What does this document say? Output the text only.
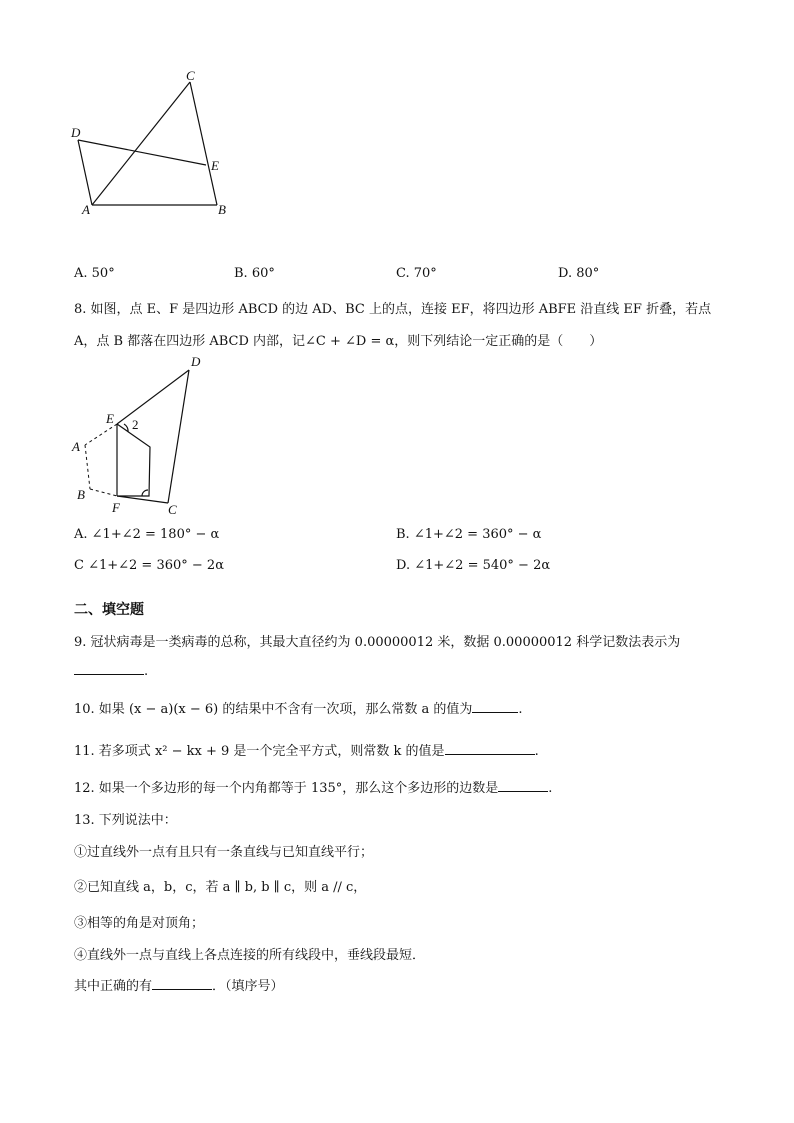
C
D
E
A	B
A. 50°	B. 60°	C. 70°	D. 80°
8. 如图，点 E、F 是四边形 ABCD 的边 AD、BC 上的点，连接 EF，将四边形 ABFE 沿直线 EF 折叠，若点
A，点 B 都落在四边形 ABCD 内部，记∠C + ∠D = α，则下列结论一定正确的是（　　）
D
E 2
A
B
F	C
A. ∠1+∠2 = 180° − α	B. ∠1+∠2 = 360° − α
C ∠1+∠2 = 360° − 2α	D. ∠1+∠2 = 540° − 2α
二、填空题
9. 冠状病毒是一类病毒的总称，其最大直径约为 0.00000012 米，数据 0.00000012 科学记数法表示为
.
10. 如果 (x − a)(x − 6) 的结果中不含有一次项，那么常数 a 的值为	.
11. 若多项式 x² − kx + 9 是一个完全平方式，则常数 k 的值是	.
12. 如果一个多边形的每一个内角都等于 135°，那么这个多边形的边数是	.
13. 下列说法中：
①过直线外一点有且只有一条直线与已知直线平行；
②已知直线 a，b，c，若 a ∥ b, b ∥ c，则 a // c，
③相等的角是对顶角；
④直线外一点与直线上各点连接的所有线段中，垂线段最短．
其中正确的有	．（填序号）
